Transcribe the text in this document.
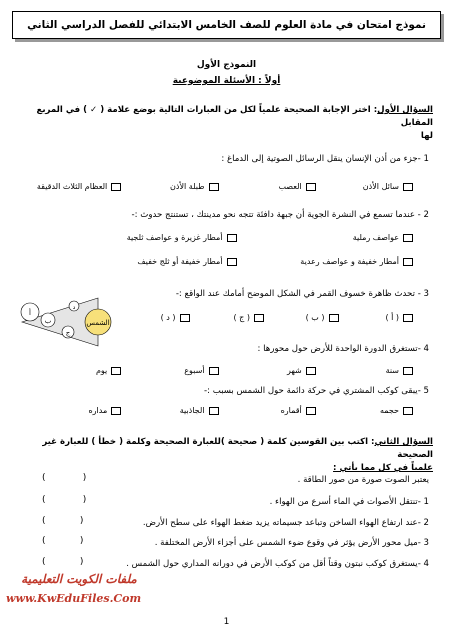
نموذج امتحان في مادة العلوم للصف الخامس الابتدائي للفصل الدراسي الثاني
النموذج الأول
أولاً : الأسئلة الموضوعية
السؤال الأول: اختر الإجابة الصحيحة علمياً لكل من العبارات التالية بوضع علامة ( ✓ ) في المربع المقابل
لها
1 -جزء من أذن الإنسان ينقل الرسائل الصوتية إلى الدماغ :
سائل الأذن
العصب
طبلة الأذن
العظام الثلاث الدقيقة
2 - عندما تسمع في النشرة الجوية أن جبهة دافئة تتجه نحو مدينتك ، تستنتج حدوث :-
عواصف رملية
أمطار غزيرة و عواصف ثلجية
أمطار خفيفة و عواصف رعدية
أمطار خفيفة أو ثلج خفيف
3 - تحدث ظاهرة خسوف القمر في الشكل الموضح أمامك عند الواقع :-
( أ )
( ب )
( ج )
( د )
أ
ب
ج
د
الشمس
4 -تستغرق الدورة الواحدة للأرض حول محورها :
سنة
شهر
أسبوع
يوم
5 -يبقى كوكب المشتري في حركة دائمة حول الشمس بسبب :-
حجمه
أقماره
الجاذبية
مداره
السؤال الثاني: اكتب بين القوسين كلمة ( صحيحة )للعبارة الصحيحة وكلمة ( خطأ ) للعبارة غير الصحيحة
علمياً في كل مما يأتي :
يعتبر الصوت صورة من صور الطاقة .
(             )
1 -تنتقل الأصوات في الماء أسرع من الهواء .
(             )
2 -عند ارتفاع الهواء الساخن وتباعد جسيماته يزيد ضغط الهواء على سطح الأرض.
(            )
3 -ميل محور الأرض يؤثر في وقوع ضوء الشمس على أجزاء الأرض المختلفة .
(            )
4 -يستغرق كوكب نبتون وقتاً أقل من كوكب الأرض في دورانه المداري حول الشمس .
(            )
ملفات الكويت التعليمية
www.KwEduFiles.Com
1
